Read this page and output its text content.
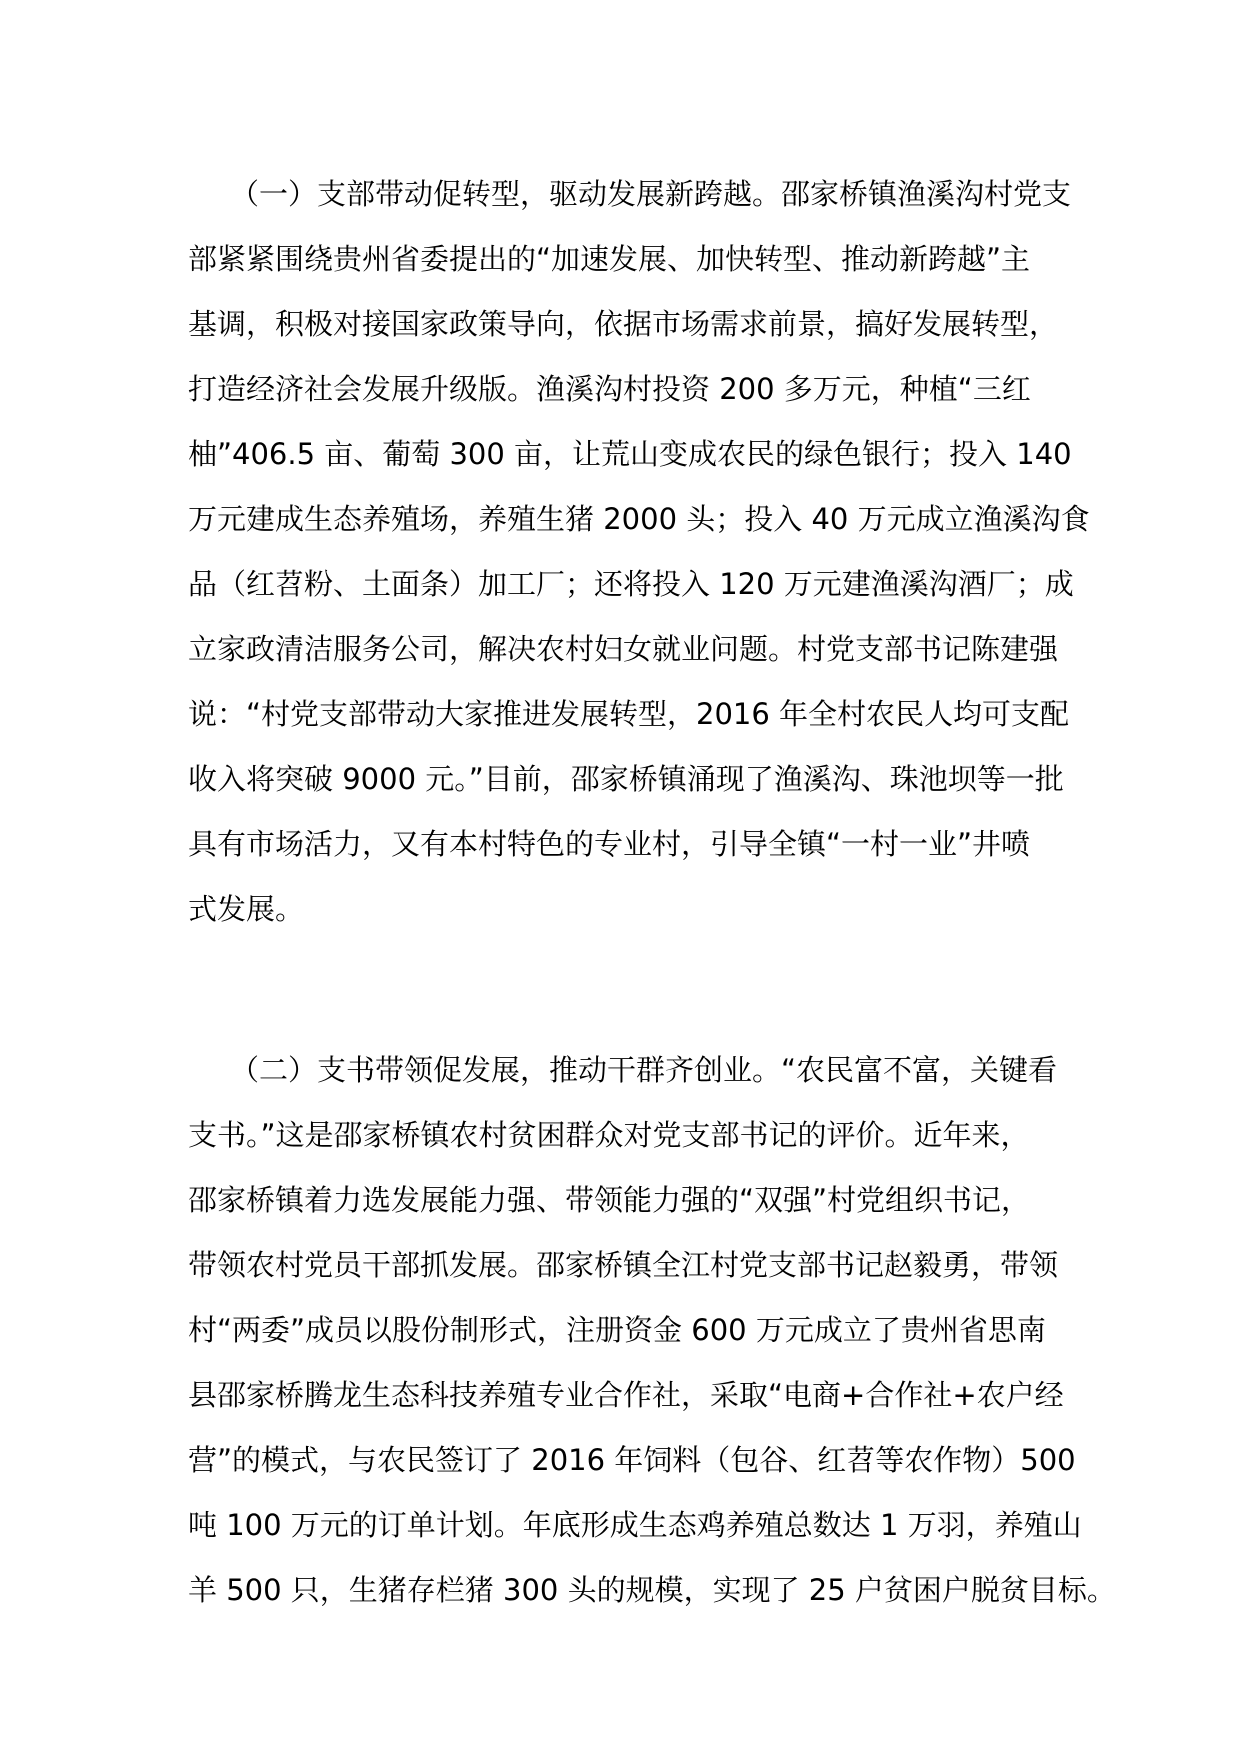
（一）支部带动促转型，驱动发展新跨越。邵家桥镇渔溪沟村党支
部紧紧围绕贵州省委提出的“加速发展、加快转型、推动新跨越”主
基调，积极对接国家政策导向，依据市场需求前景，搞好发展转型，
打造经济社会发展升级版。渔溪沟村投资 200 多万元，种植“三红
柚”406.5 亩、葡萄 300 亩，让荒山变成农民的绿色银行；投入 140
万元建成生态养殖场，养殖生猪 2000 头；投入 40 万元成立渔溪沟食
品（红苕粉、土面条）加工厂；还将投入 120 万元建渔溪沟酒厂；成
立家政清洁服务公司，解决农村妇女就业问题。村党支部书记陈建强
说：“村党支部带动大家推进发展转型，2016 年全村农民人均可支配
收入将突破 9000 元。”目前，邵家桥镇涌现了渔溪沟、珠池坝等一批
具有市场活力，又有本村特色的专业村，引导全镇“一村一业”井喷
式发展。
（二）支书带领促发展，推动干群齐创业。“农民富不富，关键看
支书。”这是邵家桥镇农村贫困群众对党支部书记的评价。近年来，
邵家桥镇着力选发展能力强、带领能力强的“双强”村党组织书记，
带领农村党员干部抓发展。邵家桥镇全江村党支部书记赵毅勇，带领
村“两委”成员以股份制形式，注册资金 600 万元成立了贵州省思南
县邵家桥腾龙生态科技养殖专业合作社，采取“电商+合作社+农户经
营”的模式，与农民签订了 2016 年饲料（包谷、红苕等农作物）500
吨 100 万元的订单计划。年底形成生态鸡养殖总数达 1 万羽，养殖山
羊 500 只，生猪存栏猪 300 头的规模，实现了 25 户贫困户脱贫目标。
